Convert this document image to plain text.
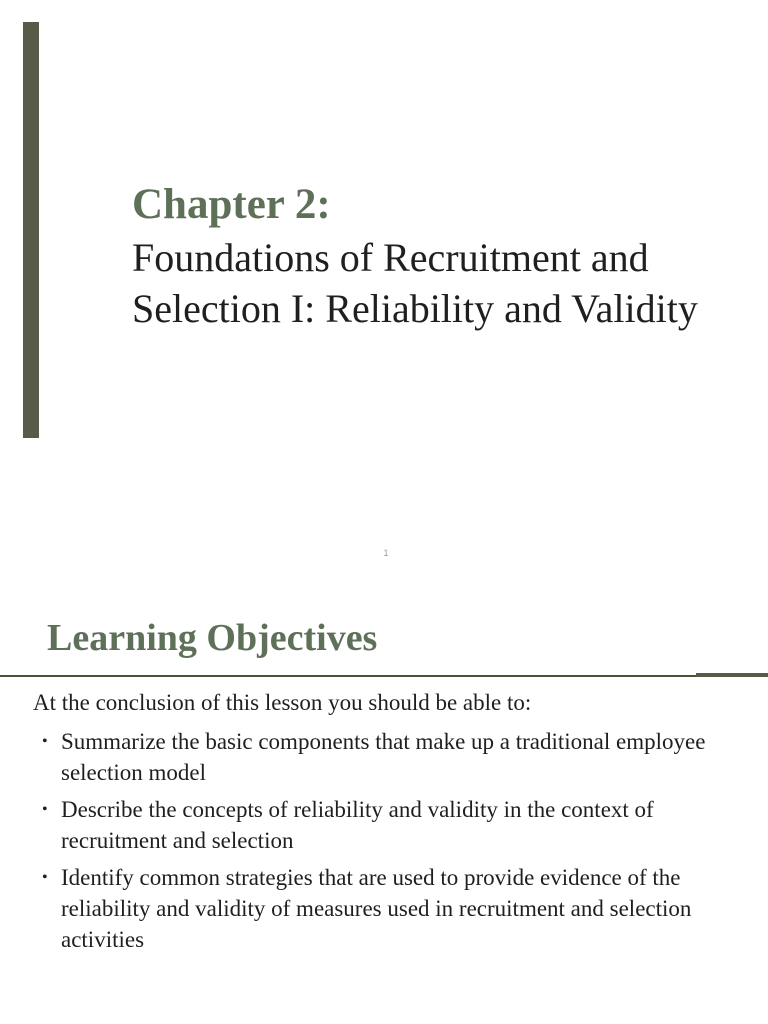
Chapter 2:

Foundations of Recruitment and Selection I: Reliability and Validity

1
Learning Objectives

At the conclusion of this lesson you should be able to:

• Summarize the basic components that make up a traditional employee selection model
• Describe the concepts of reliability and validity in the context of recruitment and selection
• Identify common strategies that are used to provide evidence of the reliability and validity of measures used in recruitment and selection activities
